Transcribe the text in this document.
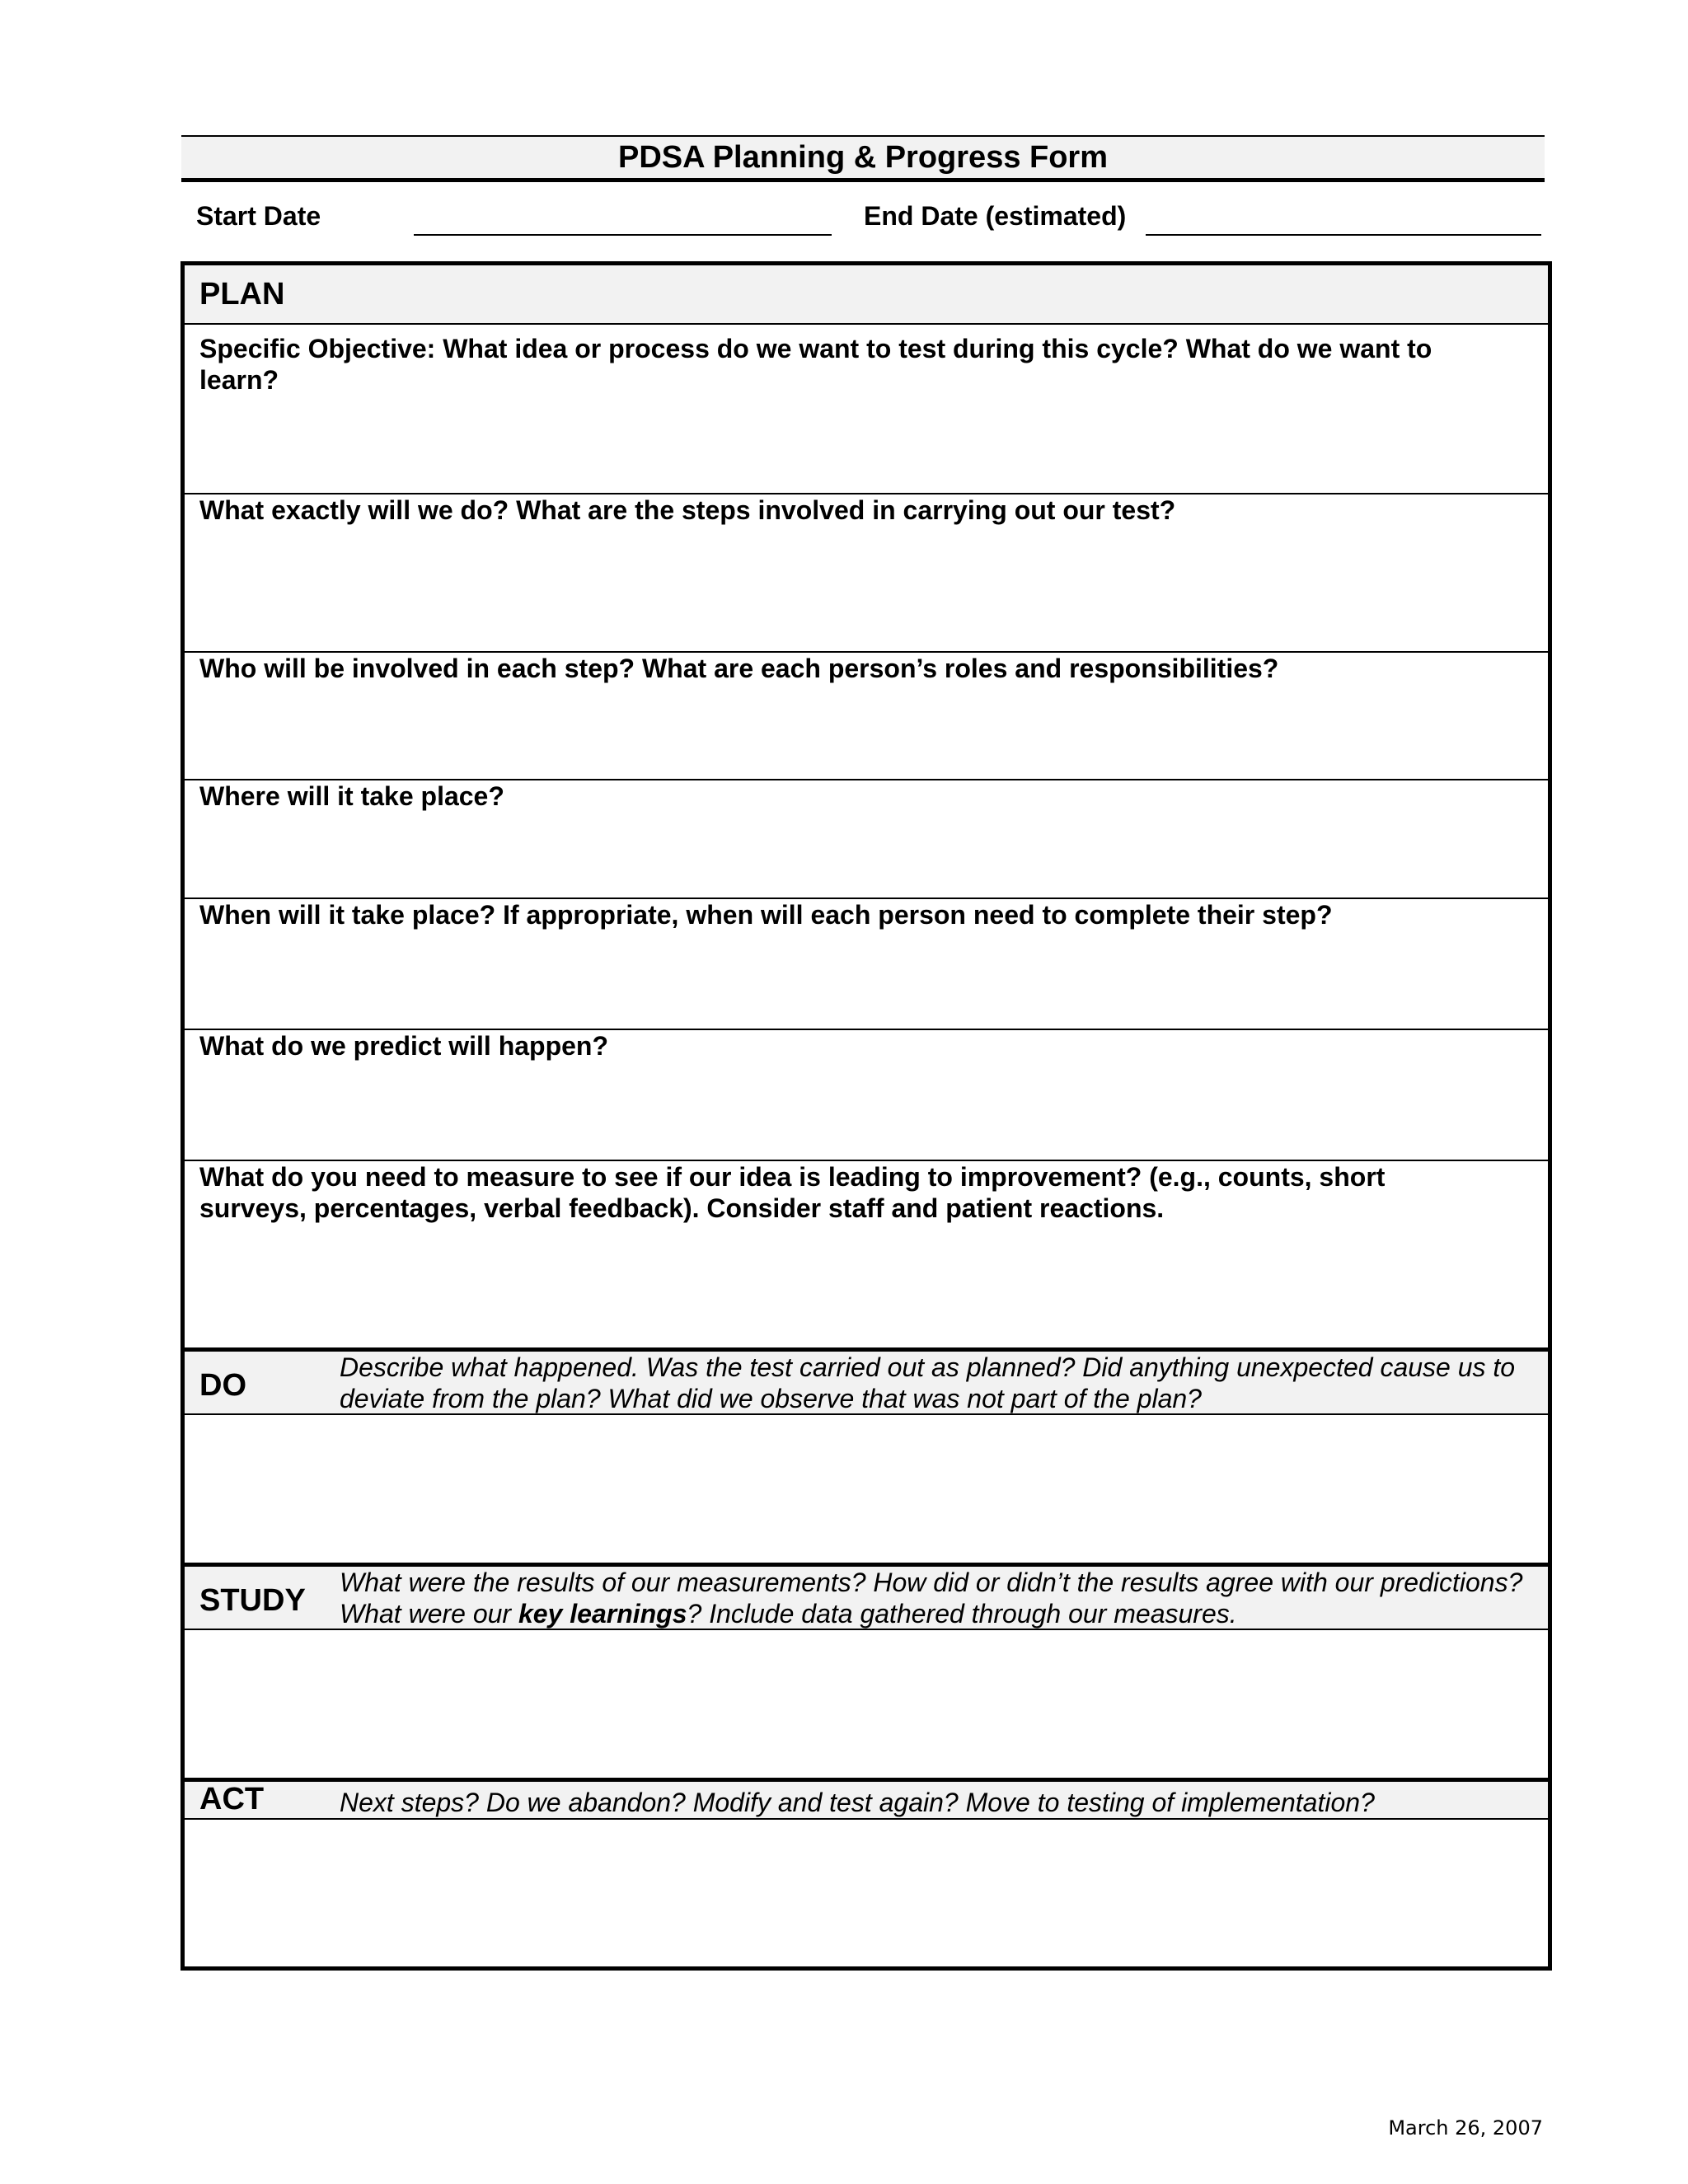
PDSA Planning & Progress Form
Start Date	End Date (estimated)
PLAN
Specific Objective: What idea or process do we want to test during this cycle? What do we want to learn?
What exactly will we do? What are the steps involved in carrying out our test?
Who will be involved in each step? What are each person’s roles and responsibilities?
Where will it take place?
When will it take place? If appropriate, when will each person need to complete their step?
What do we predict will happen?
What do you need to measure to see if our idea is leading to improvement? (e.g., counts, short surveys, percentages, verbal feedback). Consider staff and patient reactions.
DO
Describe what happened. Was the test carried out as planned? Did anything unexpected cause us to deviate from the plan? What did we observe that was not part of the plan?
STUDY
What were the results of our measurements? How did or didn’t the results agree with our predictions? What were our key learnings? Include data gathered through our measures.
ACT	Next steps? Do we abandon? Modify and test again? Move to testing of implementation?
March 26, 2007
